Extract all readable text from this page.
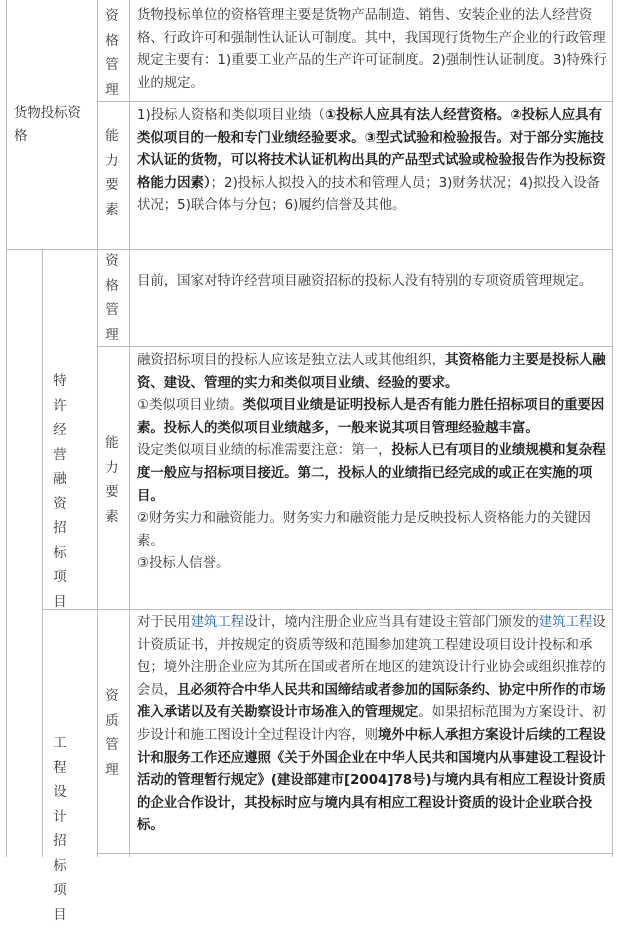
货物投标资格
资格管理

货物投标单位的资格管理主要是货物产品制造、销售、安装企业的法人经营资格、行政许可和强制性认证认可制度。其中，我国现行货物生产企业的行政管理规定主要有：1)重要工业产品的生产许可证制度。2)强制性认证制度。3)特殊行业的规定。

能力要素

1)投标人资格和类似项目业绩（①投标人应具有法人经营资格。②投标人应具有类似项目的一般和专门业绩经验要求。③型式试验和检验报告。对于部分实施技术认证的货物，可以将技术认证机构出具的产品型式试验或检验报告作为投标资格能力因素）；2)投标人拟投入的技术和管理人员；3)财务状况；4)拟投入设备状况；5)联合体与分包；6)履约信誉及其他。

特许经营融资招标项目
资格管理

目前，国家对特许经营项目融资招标的投标人没有特别的专项资质管理规定。

能力要素

融资招标项目的投标人应该是独立法人或其他组织，其资格能力主要是投标人融资、建设、管理的实力和类似项目业绩、经验的要求。
①类似项目业绩。类似项目业绩是证明投标人是否有能力胜任招标项目的重要因素。投标人的类似项目业绩越多，一般来说其项目管理经验越丰富。
设定类似项目业绩的标准需要注意：第一，投标人已有项目的业绩规模和复杂程度一般应与招标项目接近。第二，投标人的业绩指已经完成的或正在实施的项目。
②财务实力和融资能力。财务实力和融资能力是反映投标人资格能力的关键因素。
③投标人信誉。

工程设计招标项目
资质管理

对于民用建筑工程设计，境内注册企业应当具有建设主管部门颁发的建筑工程设计资质证书，并按规定的资质等级和范围参加建筑工程建设项目设计投标和承包；境外注册企业应为其所在国或者所在地区的建筑设计行业协会或组织推荐的会员，且必须符合中华人民共和国缔结或者参加的国际条约、协定中所作的市场准入承诺以及有关勘察设计市场准入的管理规定。如果招标范围为方案设计、初步设计和施工图设计全过程设计内容，则境外中标人承担方案设计后续的工程设计和服务工作还应遵照《关于外国企业在中华人民共和国境内从事建设工程设计活动的管理暂行规定》(建设部建市[2004]78号)与境内具有相应工程设计资质的企业合作设计，其投标时应与境内具有相应工程设计资质的设计企业联合投标。
